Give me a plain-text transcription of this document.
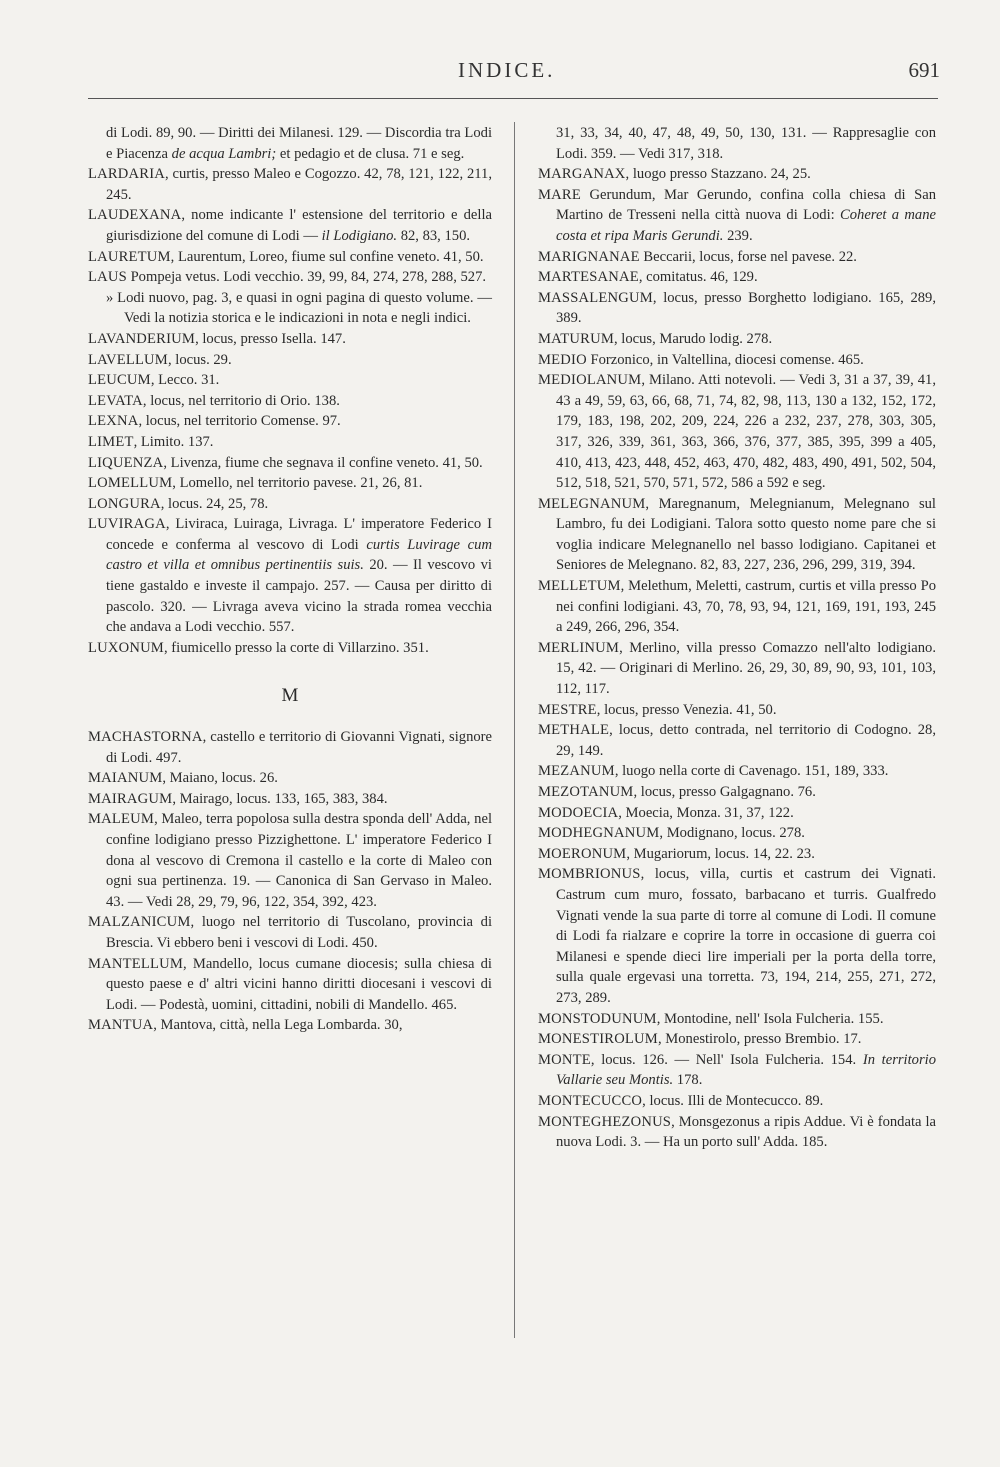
INDICE.	691

di Lodi. 89, 90. — Diritti dei Milanesi. 129. — Discordia tra Lodi e Piacenza de acqua Lambri; et pedagio et de clusa. 71 e seg.

LARDARIA, curtis, presso Maleo e Cogozzo. 42, 78, 121, 122, 211, 245.

LAUDEXANA, nome indicante l' estensione del territorio e della giurisdizione del comune di Lodi — il Lodigiano. 82, 83, 150.

LAURETUM, Laurentum, Loreo, fiume sul confine veneto. 41, 50.

LAUS Pompeja vetus. Lodi vecchio. 39, 99, 84, 274, 278, 288, 527.

» Lodi nuovo, pag. 3, e quasi in ogni pagina di questo volume. — Vedi la notizia storica e le indicazioni in nota e negli indici.

LAVANDERIUM, locus, presso Isella. 147.

LAVELLUM, locus. 29.

LEUCUM, Lecco. 31.

LEVATA, locus, nel territorio di Orio. 138.

LEXNA, locus, nel territorio Comense. 97.

LIMET, Limito. 137.

LIQUENZA, Livenza, fiume che segnava il confine veneto. 41, 50.

LOMELLUM, Lomello, nel territorio pavese. 21, 26, 81.

LONGURA, locus. 24, 25, 78.

LUVIRAGA, Liviraca, Luiraga, Livraga. L' imperatore Federico I concede e conferma al vescovo di Lodi curtis Luvirage cum castro et villa et omnibus pertinentiis suis. 20. — Il vescovo vi tiene gastaldo e investe il campajo. 257. — Causa per diritto di pascolo. 320. — Livraga aveva vicino la strada romea vecchia che andava a Lodi vecchio. 557.

LUXONUM, fiumicello presso la corte di Villarzino. 351.

M

MACHASTORNA, castello e territorio di Giovanni Vignati, signore di Lodi. 497.

MAIANUM, Maiano, locus. 26.

MAIRAGUM, Mairago, locus. 133, 165, 383, 384.

MALEUM, Maleo, terra popolosa sulla destra sponda dell' Adda, nel confine lodigiano presso Pizzighettone. L' imperatore Federico I dona al vescovo di Cremona il castello e la corte di Maleo con ogni sua pertinenza. 19. — Canonica di San Gervaso in Maleo. 43. — Vedi 28, 29, 79, 96, 122, 354, 392, 423.

MALZANICUM, luogo nel territorio di Tuscolano, provincia di Brescia. Vi ebbero beni i vescovi di Lodi. 450.

MANTELLUM, Mandello, locus cumane diocesis; sulla chiesa di questo paese e d' altri vicini hanno diritti diocesani i vescovi di Lodi. — Podestà, uomini, cittadini, nobili di Mandello. 465.

MANTUA, Mantova, città, nella Lega Lombarda. 30,

31, 33, 34, 40, 47, 48, 49, 50, 130, 131. — Rappresaglie con Lodi. 359. — Vedi 317, 318.

MARGANAX, luogo presso Stazzano. 24, 25.

MARE Gerundum, Mar Gerundo, confina colla chiesa di San Martino de Tresseni nella città nuova di Lodi: Coheret a mane costa et ripa Maris Gerundi. 239.

MARIGNANAE Beccarii, locus, forse nel pavese. 22.

MARTESANAE, comitatus. 46, 129.

MASSALENGUM, locus, presso Borghetto lodigiano. 165, 289, 389.

MATURUM, locus, Marudo lodig. 278.

MEDIO Forzonico, in Valtellina, diocesi comense. 465.

MEDIOLANUM, Milano. Atti notevoli. — Vedi 3, 31 a 37, 39, 41, 43 a 49, 59, 63, 66, 68, 71, 74, 82, 98, 113, 130 a 132, 152, 172, 179, 183, 198, 202, 209, 224, 226 a 232, 237, 278, 303, 305, 317, 326, 339, 361, 363, 366, 376, 377, 385, 395, 399 a 405, 410, 413, 423, 448, 452, 463, 470, 482, 483, 490, 491, 502, 504, 512, 518, 521, 570, 571, 572, 586 a 592 e seg.

MELEGNANUM, Maregnanum, Melegnianum, Melegnano sul Lambro, fu dei Lodigiani. Talora sotto questo nome pare che si voglia indicare Melegnanello nel basso lodigiano. Capitanei et Seniores de Melegnano. 82, 83, 227, 236, 296, 299, 319, 394.

MELLETUM, Melethum, Meletti, castrum, curtis et villa presso Po nei confini lodigiani. 43, 70, 78, 93, 94, 121, 169, 191, 193, 245 a 249, 266, 296, 354.

MERLINUM, Merlino, villa presso Comazzo nell'alto lodigiano. 15, 42. — Originari di Merlino. 26, 29, 30, 89, 90, 93, 101, 103, 112, 117.

MESTRE, locus, presso Venezia. 41, 50.

METHALE, locus, detto contrada, nel territorio di Codogno. 28, 29, 149.

MEZANUM, luogo nella corte di Cavenago. 151, 189, 333.

MEZOTANUM, locus, presso Galgagnano. 76.

MODOECIA, Moecia, Monza. 31, 37, 122.

MODHEGNANUM, Modignano, locus. 278.

MOERONUM, Mugariorum, locus. 14, 22. 23.

MOMBRIONUS, locus, villa, curtis et castrum dei Vignati. Castrum cum muro, fossato, barbacano et turris. Gualfredo Vignati vende la sua parte di torre al comune di Lodi. Il comune di Lodi fa rialzare e coprire la torre in occasione di guerra coi Milanesi e spende dieci lire imperiali per la porta della torre, sulla quale ergevasi una torretta. 73, 194, 214, 255, 271, 272, 273, 289.

MONSTODUNUM, Montodine, nell' Isola Fulcheria. 155.

MONESTIROLUM, Monestirolo, presso Brembio. 17.

MONTE, locus. 126. — Nell' Isola Fulcheria. 154. In territorio Vallarie seu Montis. 178.

MONTECUCCO, locus. Illi de Montecucco. 89.

MONTEGHEZONUS, Monsgezonus a ripis Addue. Vi è fondata la nuova Lodi. 3. — Ha un porto sull' Adda. 185.
